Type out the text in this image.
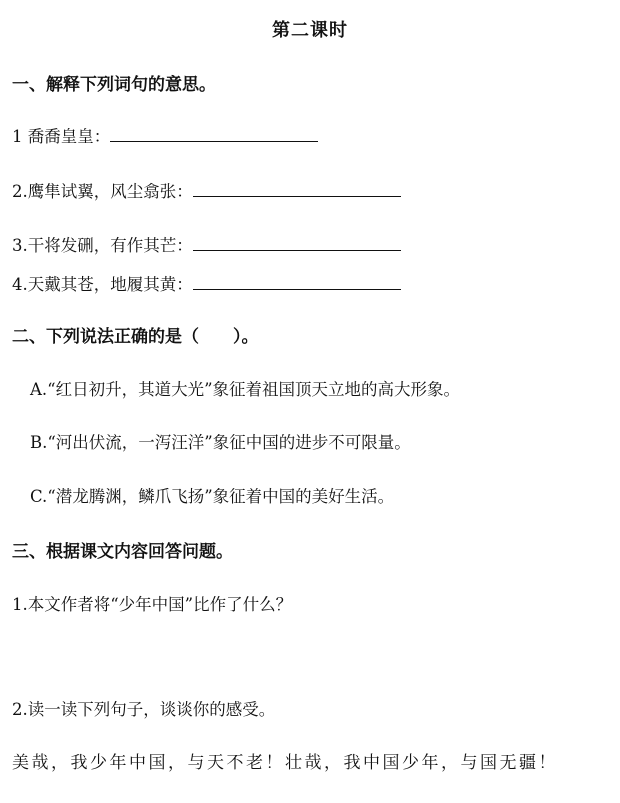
第二课时
一、解释下列词句的意思。
1 喬喬皇皇：
2.鹰隼试翼，风尘翕张：
3.干将发硎，有作其芒：
4.天戴其苍，地履其黄：
二、下列说法正确的是（　　）。
A.“红日初升，其道大光”象征着祖国顶天立地的高大形象。
B.“河出伏流，一泻汪洋”象征中国的进步不可限量。
C.“潜龙腾渊，鳞爪飞扬”象征着中国的美好生活。
三、根据课文内容回答问题。
1.本文作者将“少年中国”比作了什么？
2.读一读下列句子，谈谈你的感受。
美哉，我少年中国，与天不老！壮哉，我中国少年，与国无疆！
